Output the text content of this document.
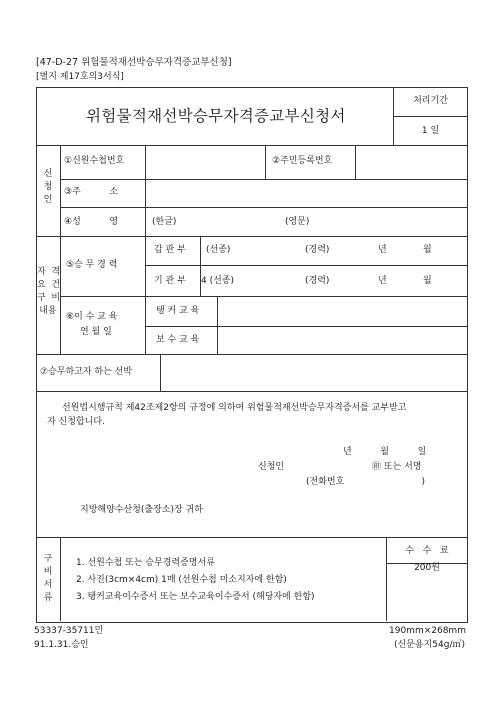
[47-D-27 위험물적재선박승무자격증교부신청]
[별지 제17호의3서식]
위험물적재선박승무자격증교부신청서
처리기간
1 일
신
청
인
①신원수첩번호	②주민등록번호
③주          소
④성          영	(한글)	(영문)
자  격
요  건
구  비
내용
⑤승 무 경 력
갑 판 부 (선종)	(경력)	년	월
기 관 부 4 (선종)	(경력)	년	월
⑥이 수 교 육
연 월 일
탱 커 교 육
보 수 교 육
⑦승무하고자 하는 선박
선원법시행규칙 제42조제2항의 규정에 의하여 위험물적재선박승무자격증서를 교부받고
자 신청합니다.
년          월          일
신청인	㊞ 또는 서명
(전화번호                           )
지방해양수산청(출장소)장 귀하
구
비
서
류
1. 선원수첩 또는 승무경력증명서류
2. 사진(3cm×4cm) 1매 (선원수첩 미소지자에 한함)
3. 탱커교육이수증서 또는 보수교육이수증서 (해당자에 한함)
수   수   료
200원
53337-35711민
91.1.31.승인
190mm×268mm
(신문용지54g/㎡)
